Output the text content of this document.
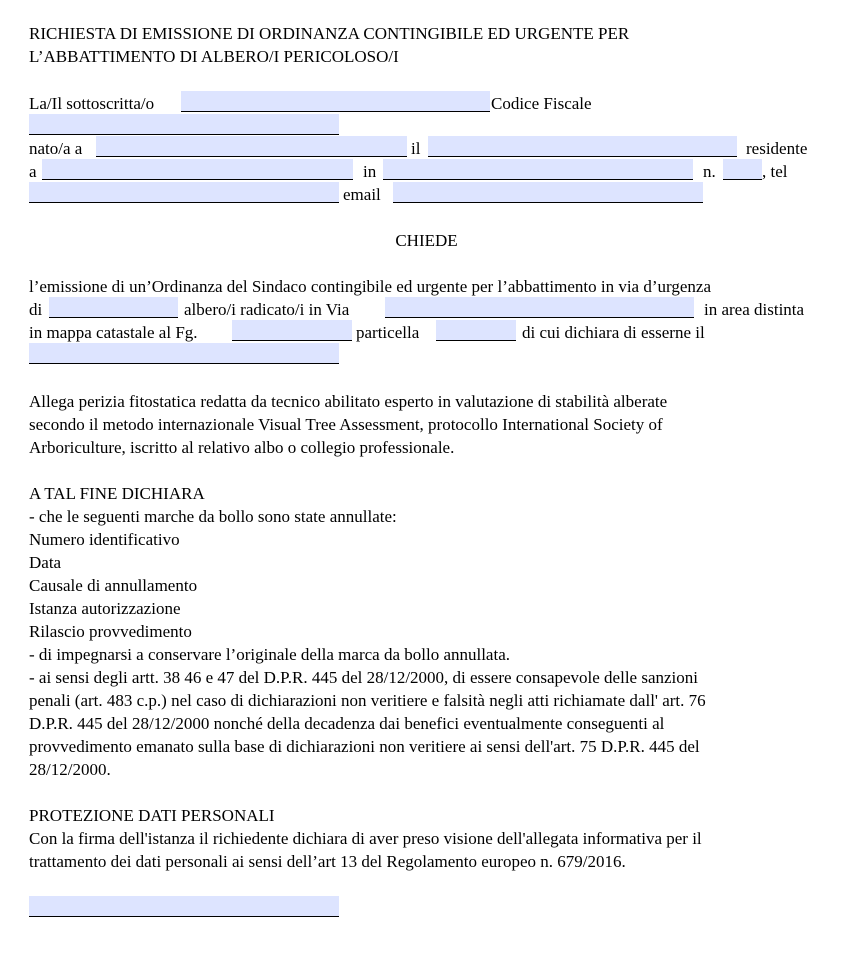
RICHIESTA DI EMISSIONE DI ORDINANZA CONTINGIBILE ED URGENTE PER
L’ABBATTIMENTO DI ALBERO/I PERICOLOSO/I
La/Il sottoscritta/o	Codice Fiscale
nato/a a	il	residente
a	in	n.	, tel
email
CHIEDE
l’emissione di un’Ordinanza del Sindaco contingibile ed urgente per l’abbattimento in via d’urgenza
di	albero/i radicato/i in Via	in area distinta
in mappa catastale al Fg.	particella	di cui dichiara di esserne il
Allega perizia fitostatica redatta da tecnico abilitato esperto in valutazione di stabilità alberate
secondo il metodo internazionale Visual Tree Assessment, protocollo International Society of
Arboriculture, iscritto al relativo albo o collegio professionale.
A TAL FINE DICHIARA
- che le seguenti marche da bollo sono state annullate:
Numero identificativo
Data
Causale di annullamento
Istanza autorizzazione
Rilascio provvedimento
- di impegnarsi a conservare l’originale della marca da bollo annullata.
- ai sensi degli artt. 38 46 e 47 del D.P.R. 445 del 28/12/2000, di essere consapevole delle sanzioni
penali (art. 483 c.p.) nel caso di dichiarazioni non veritiere e falsità negli atti richiamate dall' art. 76
D.P.R. 445 del 28/12/2000 nonché della decadenza dai benefici eventualmente conseguenti al
provvedimento emanato sulla base di dichiarazioni non veritiere ai sensi dell'art. 75 D.P.R. 445 del
28/12/2000.
PROTEZIONE DATI PERSONALI
Con la firma dell'istanza il richiedente dichiara di aver preso visione dell'allegata informativa per il
trattamento dei dati personali ai sensi dell’art 13 del Regolamento europeo n. 679/2016.
